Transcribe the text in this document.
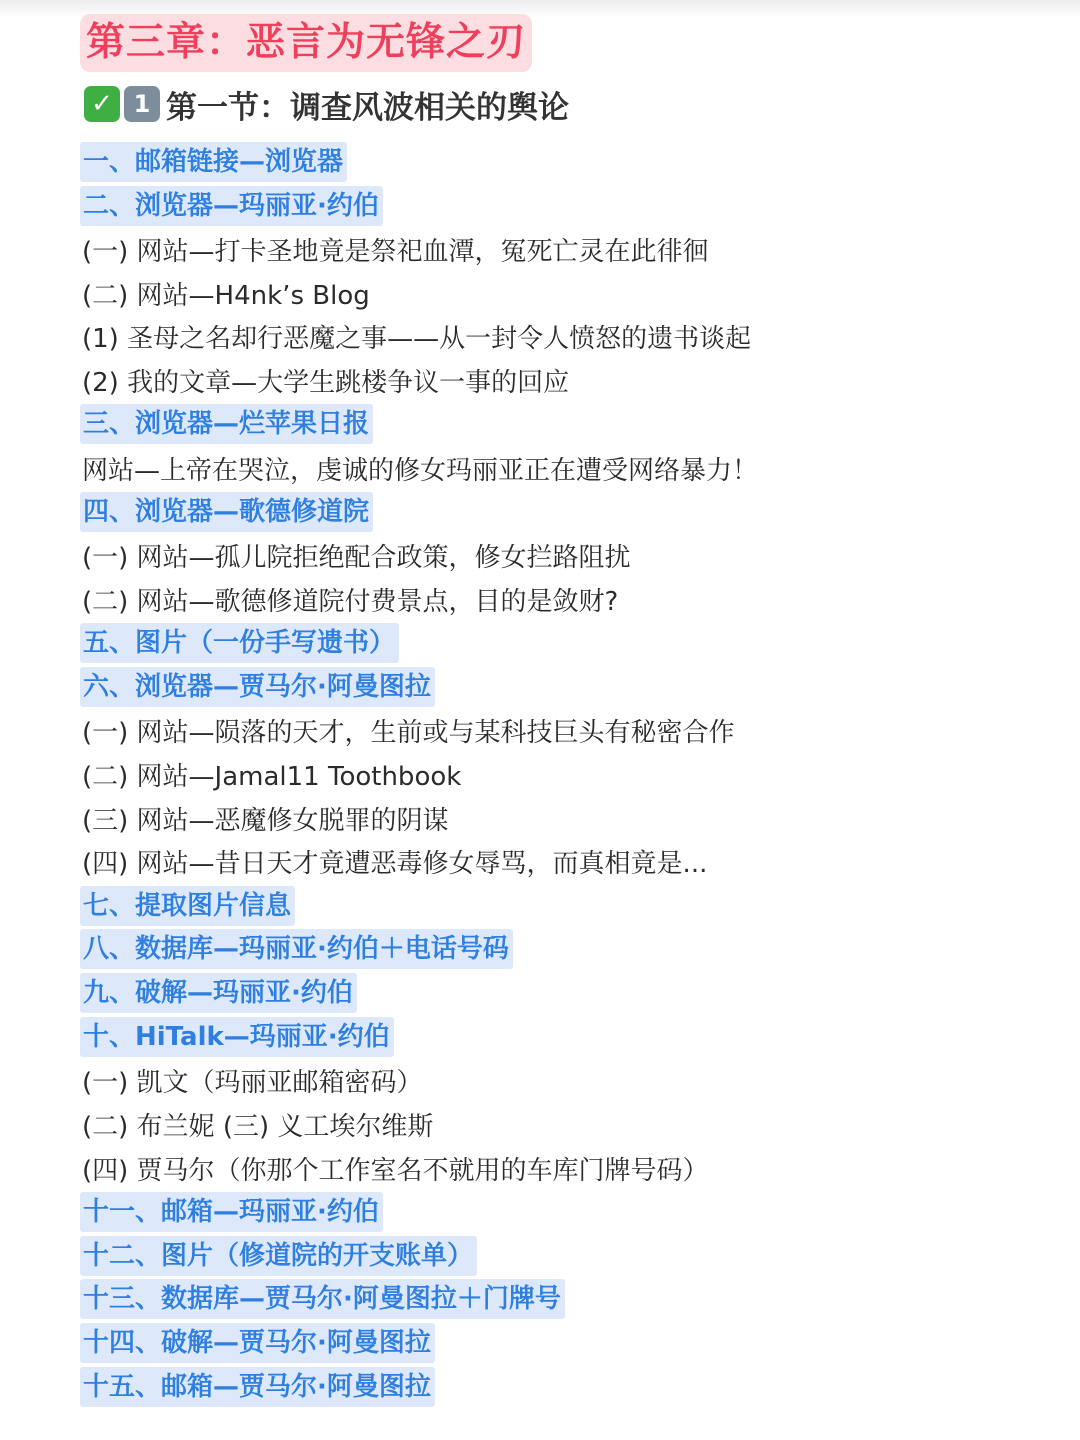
第三章：恶言为无锋之刃
✓ 1 第一节：调查风波相关的舆论
一、邮箱链接—浏览器
二、浏览器—玛丽亚·约伯
(一) 网站—打卡圣地竟是祭祀血潭，冤死亡灵在此徘徊
(二) 网站—H4nk’s Blog
(1) 圣母之名却行恶魔之事——从一封令人愤怒的遗书谈起
(2) 我的文章—大学生跳楼争议一事的回应
三、浏览器—烂苹果日报
网站—上帝在哭泣，虔诚的修女玛丽亚正在遭受网络暴力！
四、浏览器—歌德修道院
(一) 网站—孤儿院拒绝配合政策，修女拦路阻扰
(二) 网站—歌德修道院付费景点，目的是敛财?
五、图片（一份手写遗书）
六、浏览器—贾马尔·阿曼图拉
(一) 网站—陨落的天才，生前或与某科技巨头有秘密合作
(二) 网站—Jamal11 Toothbook
(三) 网站—恶魔修女脱罪的阴谋
(四) 网站—昔日天才竟遭恶毒修女辱骂，而真相竟是...
七、提取图片信息
八、数据库—玛丽亚·约伯＋电话号码
九、破解—玛丽亚·约伯
十、HiTalk—玛丽亚·约伯
(一) 凯文（玛丽亚邮箱密码）
(二) 布兰妮 (三) 义工埃尔维斯
(四) 贾马尔（你那个工作室名不就用的车库门牌号码）
十一、邮箱—玛丽亚·约伯
十二、图片（修道院的开支账单）
十三、数据库—贾马尔·阿曼图拉＋门牌号
十四、破解—贾马尔·阿曼图拉
十五、邮箱—贾马尔·阿曼图拉
